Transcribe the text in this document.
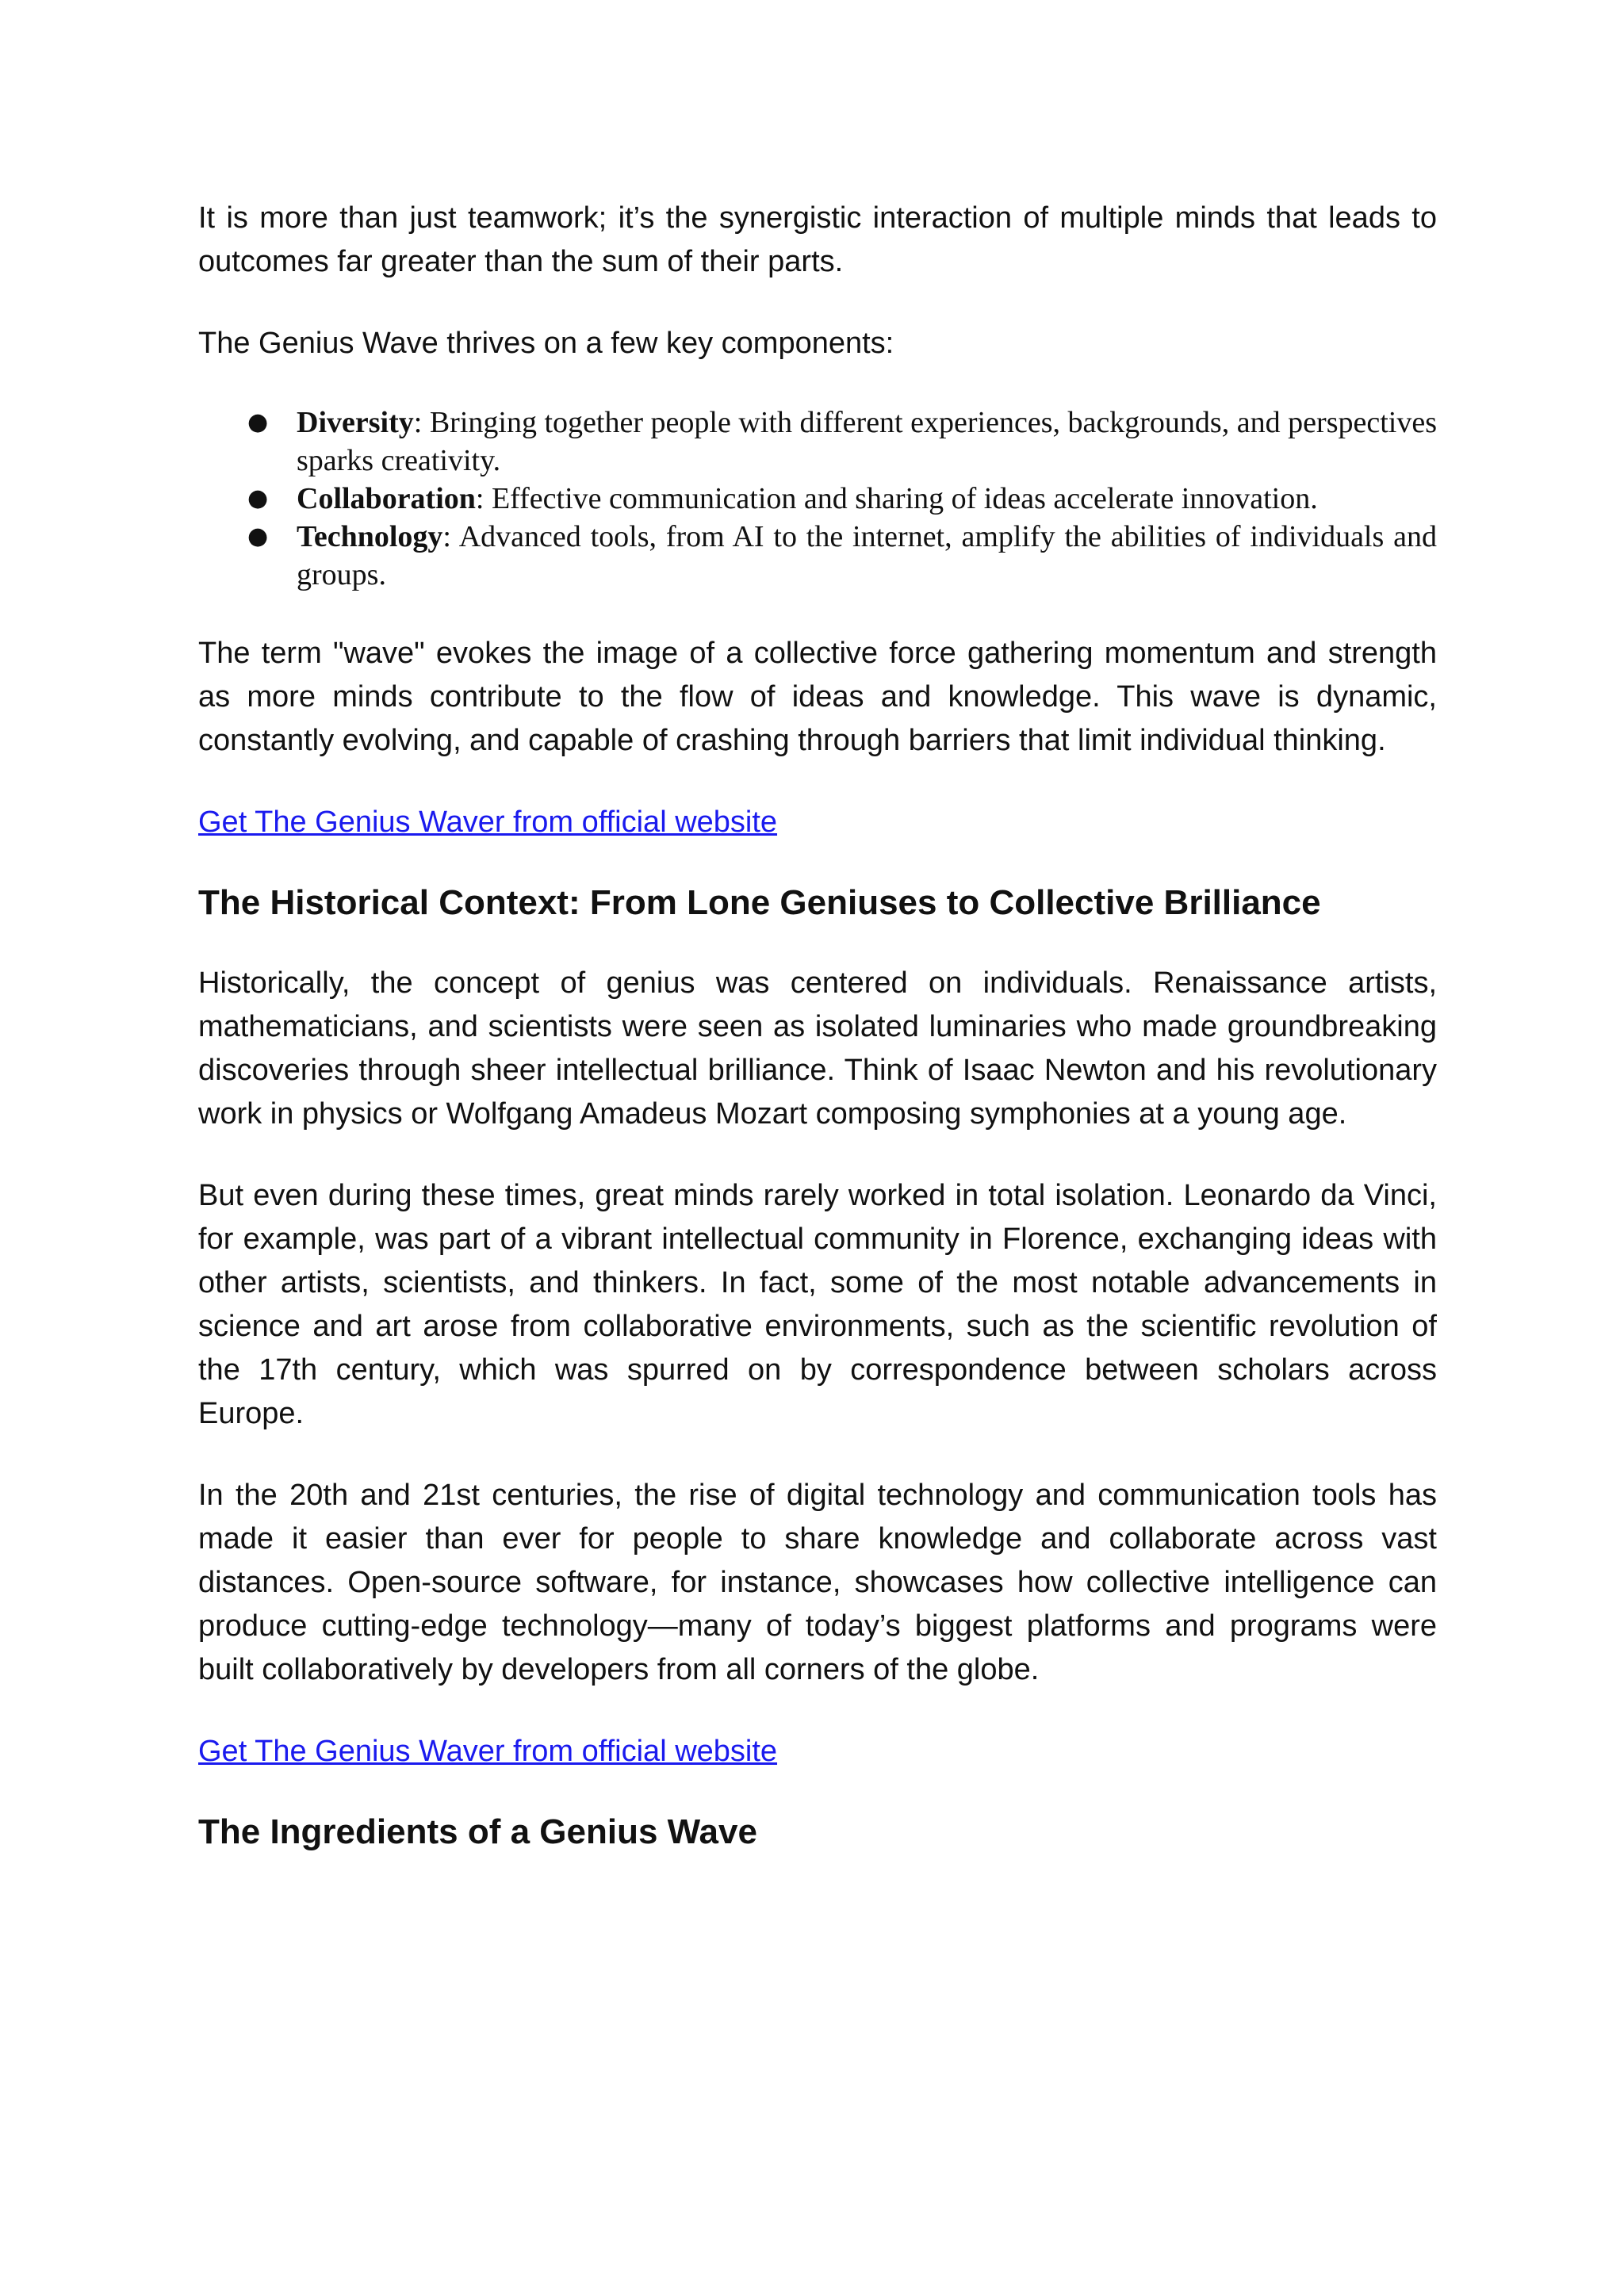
It is more than just teamwork; it’s the synergistic interaction of multiple minds that leads to outcomes far greater than the sum of their parts.

The Genius Wave thrives on a few key components:

● Diversity: Bringing together people with different experiences, backgrounds, and perspectives sparks creativity.
● Collaboration: Effective communication and sharing of ideas accelerate innovation.
● Technology: Advanced tools, from AI to the internet, amplify the abilities of individuals and groups.

The term "wave" evokes the image of a collective force gathering momentum and strength as more minds contribute to the flow of ideas and knowledge. This wave is dynamic, constantly evolving, and capable of crashing through barriers that limit individual thinking.

Get The Genius Waver from official website
The Historical Context: From Lone Geniuses to Collective Brilliance

Historically, the concept of genius was centered on individuals. Renaissance artists, mathematicians, and scientists were seen as isolated luminaries who made groundbreaking discoveries through sheer intellectual brilliance. Think of Isaac Newton and his revolutionary work in physics or Wolfgang Amadeus Mozart composing symphonies at a young age.

But even during these times, great minds rarely worked in total isolation. Leonardo da Vinci, for example, was part of a vibrant intellectual community in Florence, exchanging ideas with other artists, scientists, and thinkers. In fact, some of the most notable advancements in science and art arose from collaborative environments, such as the scientific revolution of the 17th century, which was spurred on by correspondence between scholars across Europe.

In the 20th and 21st centuries, the rise of digital technology and communication tools has made it easier than ever for people to share knowledge and collaborate across vast distances. Open-source software, for instance, showcases how collective intelligence can produce cutting-edge technology—many of today’s biggest platforms and programs were built collaboratively by developers from all corners of the globe.

Get The Genius Waver from official website
The Ingredients of a Genius Wave
